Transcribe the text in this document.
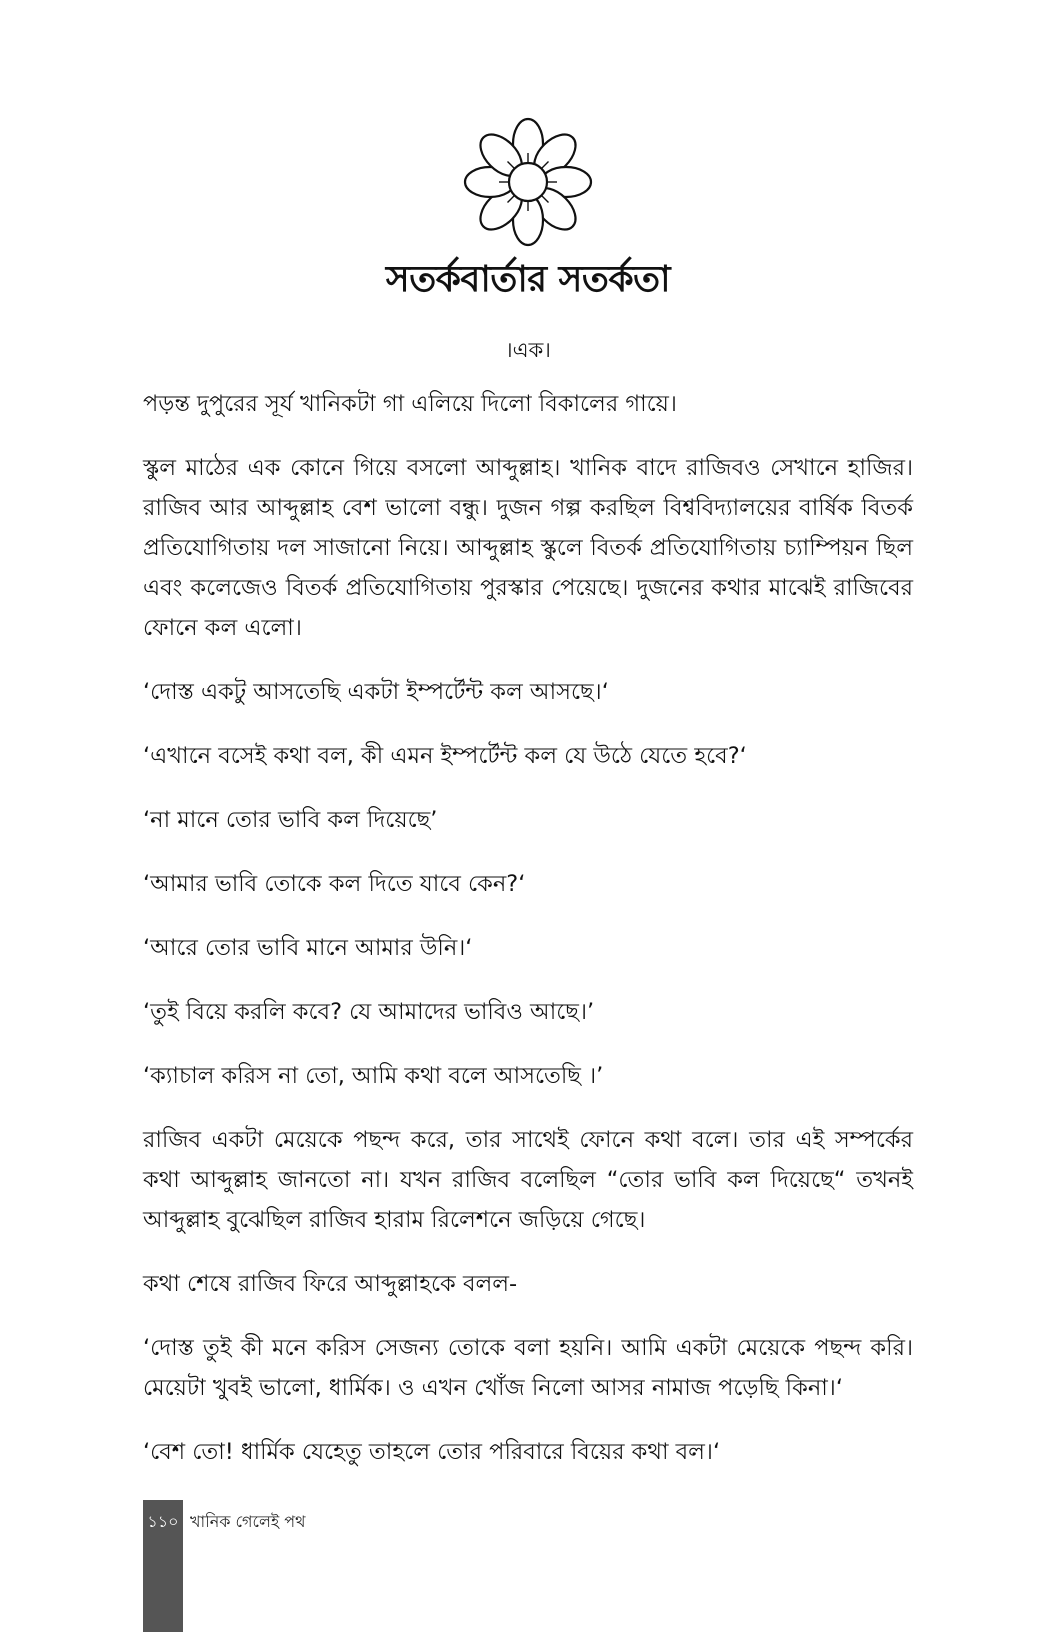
সতর্কবার্তার সতর্কতা
।এক।

পড়ন্ত দুপুরের সূর্য খানিকটা গা এলিয়ে দিলো বিকালের গায়ে।

স্কুল মাঠের এক কোনে গিয়ে বসলো আব্দুল্লাহ। খানিক বাদে রাজিবও সেখানে হাজির। রাজিব আর আব্দুল্লাহ বেশ ভালো বন্ধু। দুজন গল্প করছিল বিশ্ববিদ্যালয়ের বার্ষিক বিতর্ক প্রতিযোগিতায় দল সাজানো নিয়ে। আব্দুল্লাহ স্কুলে বিতর্ক প্রতিযোগিতায় চ্যাম্পিয়ন ছিল এবং কলেজেও বিতর্ক প্রতিযোগিতায় পুরস্কার পেয়েছে। দুজনের কথার মাঝেই রাজিবের ফোনে কল এলো।

‘দোস্ত একটু আসতেছি একটা ইম্পর্টেন্ট কল আসছে।‘

‘এখানে বসেই কথা বল, কী এমন ইম্পর্টেন্ট কল যে উঠে যেতে হবে?‘

‘না মানে তোর ভাবি কল দিয়েছে’

‘আমার ভাবি তোকে কল দিতে যাবে কেন?‘

‘আরে তোর ভাবি মানে আমার উনি।‘

‘তুই বিয়ে করলি কবে? যে আমাদের ভাবিও আছে।’

‘ক্যাচাল করিস না তো, আমি কথা বলে আসতেছি ।’

রাজিব একটা মেয়েকে পছন্দ করে, তার সাথেই ফোনে কথা বলে। তার এই সম্পর্কের কথা আব্দুল্লাহ জানতো না। যখন রাজিব বলেছিল “তোর ভাবি কল দিয়েছে“ তখনই আব্দুল্লাহ বুঝেছিল রাজিব হারাম রিলেশনে জড়িয়ে গেছে।

কথা শেষে রাজিব ফিরে আব্দুল্লাহকে বলল-

‘দোস্ত তুই কী মনে করিস সেজন্য তোকে বলা হয়নি। আমি একটা মেয়েকে পছন্দ করি। মেয়েটা খুবই ভালো, ধার্মিক। ও এখন খোঁজ নিলো আসর নামাজ পড়েছি কিনা।‘

‘বেশ তো! ধার্মিক যেহেতু তাহলে তোর পরিবারে বিয়ের কথা বল।‘

১১০ খানিক গেলেই পথ
